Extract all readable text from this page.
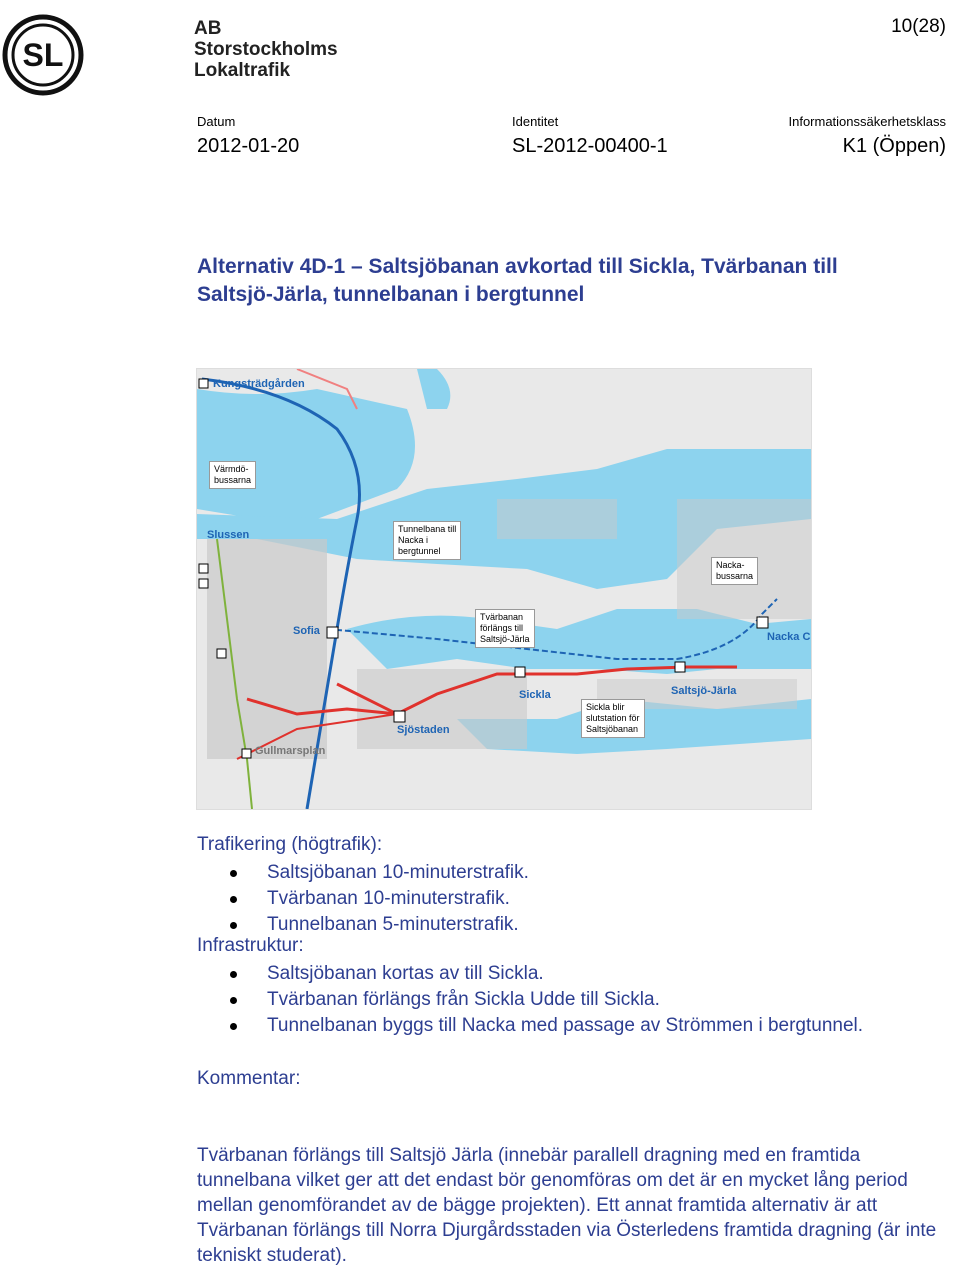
SL
AB
Storstockholms
Lokaltrafik
10(28)
Datum
2012-01-20
Identitet
SL-2012-00400-1
Informationssäkerhetsklass
K1 (Öppen)
Alternativ 4D-1 – Saltsjöbanan avkortad till Sickla, Tvärbanan till
Saltsjö-Järla, tunnelbanan i bergtunnel
Kungsträdgården
Värmdö-
bussarna
Slussen	Tunnelbana till
Nacka i
bergtunnel
Nacka-
bussarna
Tvärbanan
förlängs till
Saltsjö-Järla
Sofia	Nacka C
Saltsjö-Järla
Sickla
Sickla blir
slutstation för
Saltsjöbanan
Sjöstaden
Gullmarsplan
Trafikering (högtrafik):
Saltsjöbanan 10-minuterstrafik.
Tvärbanan 10-minuterstrafik.
Tunnelbanan 5-minuterstrafik.
Infrastruktur:
Saltsjöbanan kortas av till Sickla.
Tvärbanan förlängs från Sickla Udde till Sickla.
Tunnelbanan byggs till Nacka med passage av Strömmen i bergtunnel.
Kommentar:
Tvärbanan förlängs till Saltsjö Järla (innebär parallell dragning med en framtida tunnelbana vilket ger att det endast bör genomföras om det är en mycket lång period mellan genomförandet av de bägge projekten). Ett annat framtida alternativ är att Tvärbanan förlängs till Norra Djurgårdsstaden via Österledens framtida dragning (är inte tekniskt studerat).
